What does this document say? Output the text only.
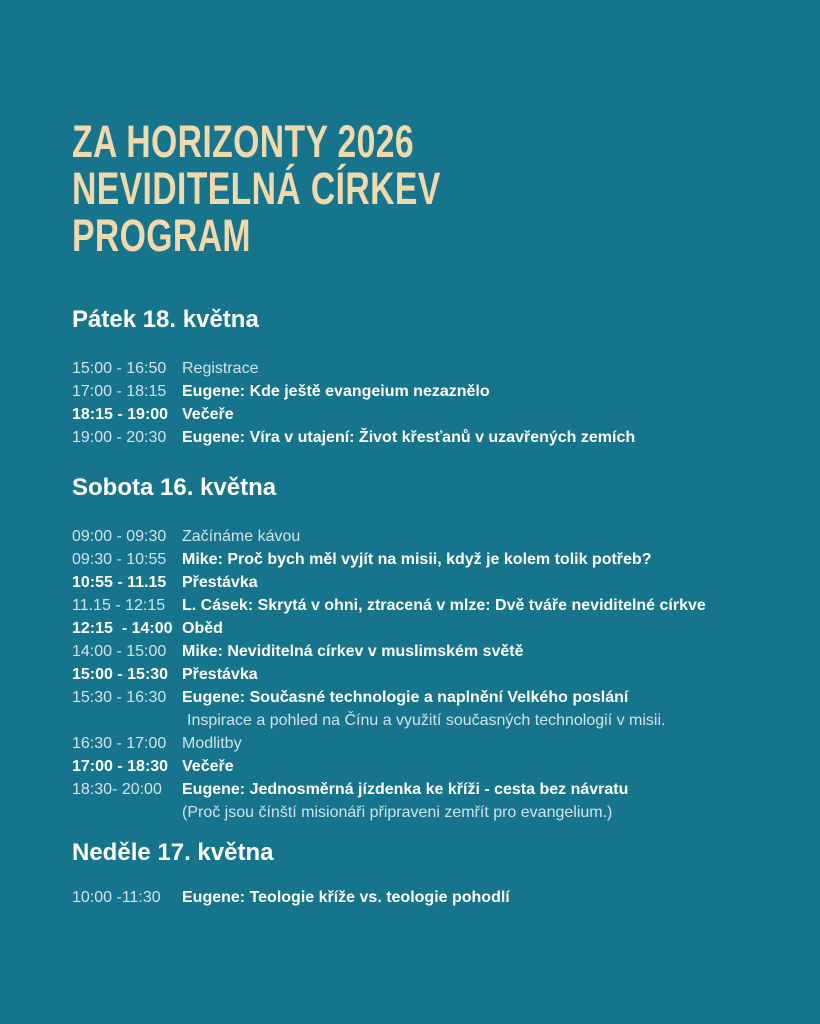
ZA HORIZONTY 2026
NEVIDITELNÁ CÍRKEV
PROGRAM
Pátek 18. května
15:00 - 16:50 Registrace
17:00 - 18:15 Eugene: Kde ještě evangeium nezaznělo
18:15 - 19:00 Večeře
19:00 - 20:30 Eugene: Víra v utajení: Život křesťanů v uzavřených zemích
Sobota 16. května
09:00 - 09:30 Začínáme kávou
09:30 - 10:55 Mike: Proč bych měl vyjít na misii, když je kolem tolik potřeb?
10:55 - 11.15 Přestávka
11.15 - 12:15	L. Cásek: Skrytá v ohni, ztracená v mlze: Dvě tváře neviditelné církve
12:15  - 14:00 Oběd
14:00 - 15:00 Mike: Neviditelná církev v muslimském světě
15:00 - 15:30 Přestávka
15:30 - 16:30 Eugene: Současné technologie a naplnění Velkého poslání
Inspirace a pohled na Čínu a využití současných technologií v misii.
16:30 - 17:00 Modlitby
17:00 - 18:30 Večeře
18:30- 20:00	Eugene: Jednosměrná jízdenka ke kříži - cesta bez návratu
(Proč jsou čínští misionáři připraveni zemřít pro evangelium.)
Neděle 17. května
10:00 -11:30	Eugene: Teologie kříže vs. teologie pohodlí
